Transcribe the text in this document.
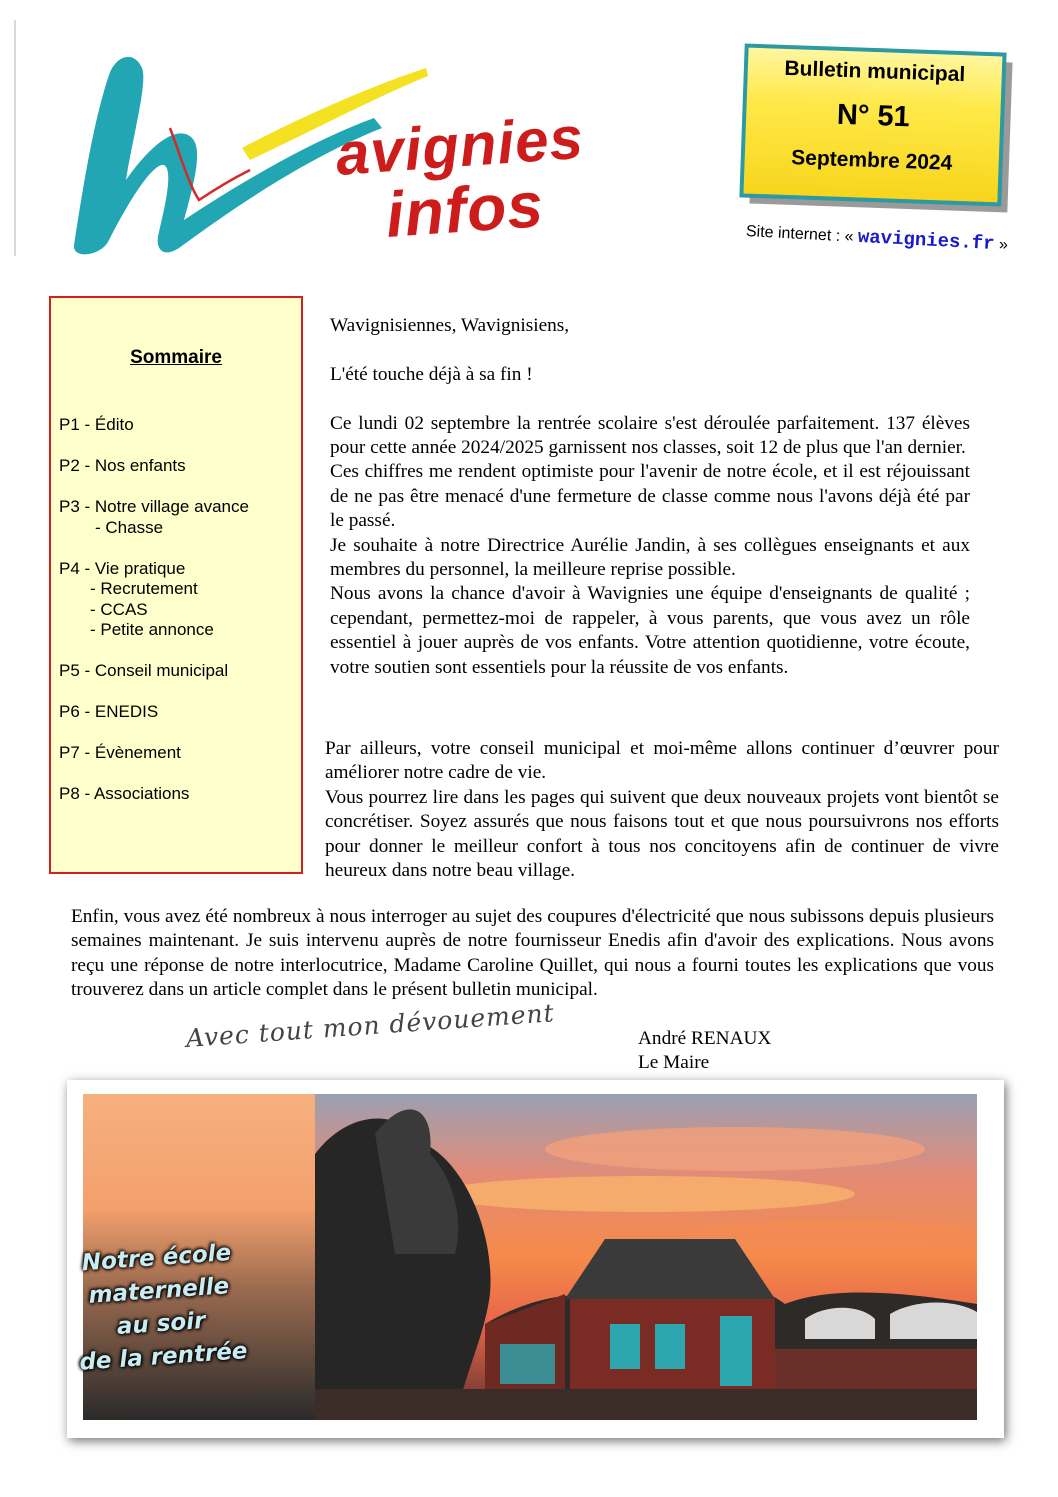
avignies
infos
Bulletin municipal
N° 51
Septembre 2024
Site internet : « wavignies.fr »
Sommaire
P1 - Édito
P2 - Nos enfants
P3 - Notre village avance
- Chasse
P4 - Vie pratique
- Recrutement
- CCAS
- Petite annonce
P5 - Conseil municipal
P6 - ENEDIS
P7 - Évènement
P8 - Associations

Wavignisiennes, Wavignisiens,

L'été touche déjà à sa fin !

Ce lundi 02 septembre la rentrée scolaire s'est déroulée parfaitement. 137 élèves pour cette année 2024/2025 garnissent nos classes, soit 12 de plus que l'an dernier.

Ces chiffres me rendent optimiste pour l'avenir de notre école, et il est réjouissant de ne pas être menacé d'une fermeture de classe comme nous l'avons déjà été par le passé.

Je souhaite à notre Directrice Aurélie Jandin, à ses collègues enseignants et aux membres du personnel, la meilleure reprise possible.

Nous avons la chance d'avoir à Wavignies une équipe d'enseignants de qualité ; cependant, permettez-moi de rappeler, à vous parents, que vous avez un rôle essentiel à jouer auprès de vos enfants. Votre attention quotidienne, votre écoute, votre soutien sont essentiels pour la réussite de vos enfants.

Par ailleurs, votre conseil municipal et moi-même allons continuer d’œuvrer pour améliorer notre cadre de vie.

Vous pourrez lire dans les pages qui suivent que deux nouveaux projets vont bientôt se concrétiser. Soyez assurés que nous faisons tout et que nous poursuivrons nos efforts pour donner le meilleur confort à tous nos concitoyens afin de continuer de vivre heureux dans notre beau village.

Enfin, vous avez été nombreux à nous interroger au sujet des coupures d'électricité que nous subissons depuis plusieurs semaines maintenant. Je suis intervenu auprès de notre fournisseur Enedis afin d'avoir des explications. Nous avons reçu une réponse de notre interlocutrice, Madame Caroline Quillet, qui nous a fourni toutes les explications que vous trouverez dans un article complet dans le présent bulletin municipal.

Avec tout mon dévouement	André RENAUX
Le Maire
Notre école
maternelle
au soir
de la rentrée
